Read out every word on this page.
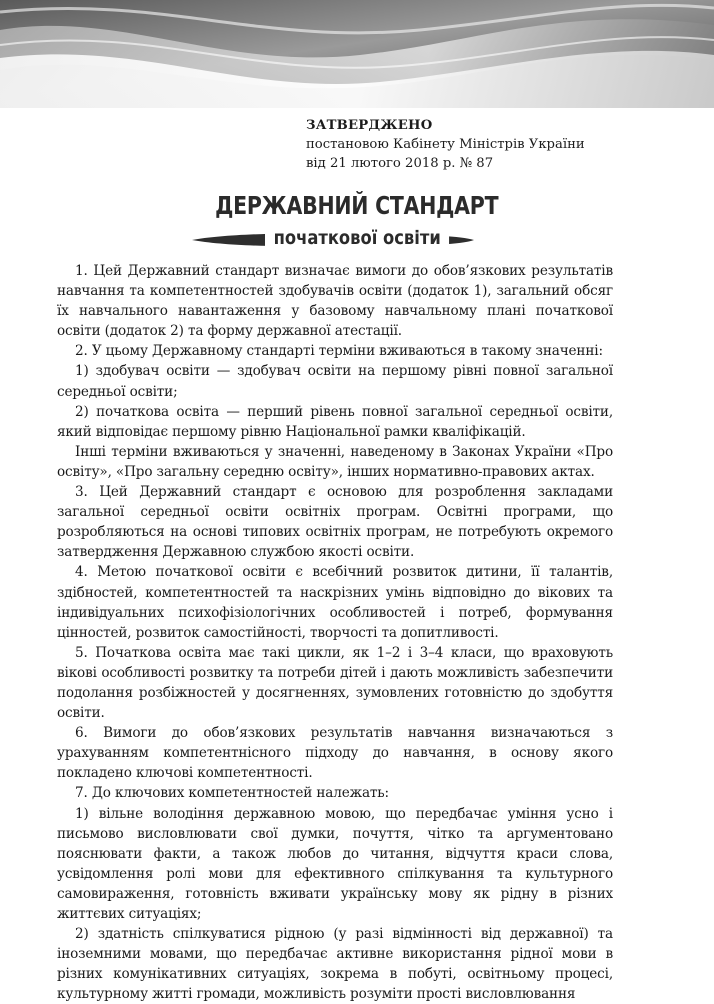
ЗАТВЕРДЖЕНО
постановою Кабінету Міністрів України
від 21 лютого 2018 р. № 87
ДЕРЖАВНИЙ СТАНДАРТ
початкової освіти

1. Цей Державний стандарт визначає вимоги до обов’язкових результатів навчання та компетентностей здобувачів освіти (додаток 1), загальний обсяг їх навчального навантаження у базовому навчальному плані початкової освіти (додаток 2) та форму державної атестації.

2. У цьому Державному стандарті терміни вживаються в такому значенні:

1) здобувач освіти — здобувач освіти на першому рівні повної загальної середньої освіти;

2) початкова освіта — перший рівень повної загальної середньої освіти, який відповідає першому рівню Національної рамки кваліфікацій.

Інші терміни вживаються у значенні, наведеному в Законах України «Про освіту», «Про загальну середню освіту», інших нормативно-правових актах.

3. Цей Державний стандарт є основою для розроблення закладами загальної середньої освіти освітніх програм. Освітні програми, що розробляються на основі типових освітніх програм, не потребують окремого затвердження Державною службою якості освіти.

4. Метою початкової освіти є всебічний розвиток дитини, її талантів, здібностей, компетентностей та наскрізних умінь відповідно до вікових та індивідуальних психофізіологічних особливостей і потреб, формування цінностей, розвиток самостійності, творчості та допитливості.

5. Початкова освіта має такі цикли, як 1–2 і 3–4 класи, що враховують вікові особливості розвитку та потреби дітей і дають можливість забезпечити подолання розбіжностей у досягненнях, зумовлених готовністю до здобуття освіти.

6. Вимоги до обов’язкових результатів навчання визначаються з урахуванням компетентнісного підходу до навчання, в основу якого покладено ключові компетентності.

7. До ключових компетентностей належать:

1) вільне володіння державною мовою, що передбачає уміння усно і письмово висловлювати свої думки, почуття, чітко та аргументовано пояснювати факти, а також любов до читання, відчуття краси слова, усвідомлення ролі мови для ефективного спілкування та культурного самовираження, готовність вживати українську мову як рідну в різних життєвих ситуаціях;

2) здатність спілкуватися рідною (у разі відмінності від державної) та іноземними мовами, що передбачає активне використання рідної мови в різних комунікативних ситуаціях, зокрема в побуті, освітньому процесі, культурному житті громади, можливість розуміти прості висловлювання
